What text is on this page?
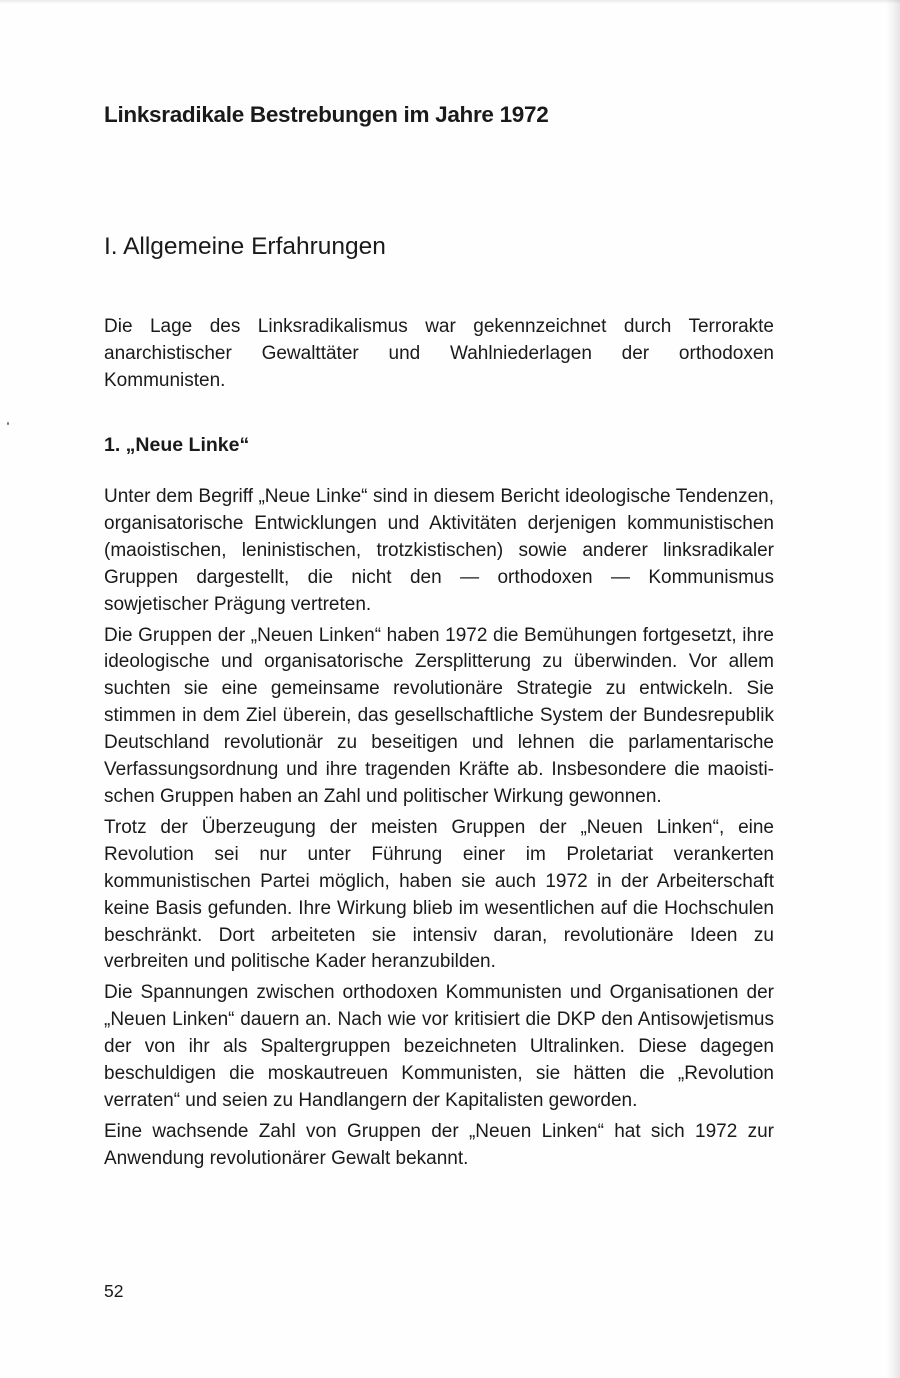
Linksradikale Bestrebungen im Jahre 1972
I. Allgemeine Erfahrungen

Die Lage des Linksradikalismus war gekennzeichnet durch Terrorakte anarchistischer Gewalttäter und Wahlniederlagen der orthodoxen Kommunisten.

1. „Neue Linke“

Unter dem Begriff „Neue Linke“ sind in diesem Bericht ideologische Tendenzen, organisatorische Entwicklungen und Aktivitäten derjenigen kommunistischen (maoistischen, leninistischen, trotzkistischen) sowie anderer linksradikaler Gruppen dargestellt, die nicht den — orthodoxen — Kommunismus sowjetischer Prägung vertreten.

Die Gruppen der „Neuen Linken“ haben 1972 die Bemühungen fortgesetzt, ihre ideologische und organisatorische Zersplitterung zu überwinden. Vor allem suchten sie eine gemeinsame revolutionäre Strategie zu entwickeln. Sie stimmen in dem Ziel überein, das gesellschaftliche System der Bundesrepublik Deutschland revolutionär zu beseitigen und lehnen die parlamentarische Verfassungsordnung und ihre tragenden Kräfte ab. Insbesondere die maoistischen Gruppen haben an Zahl und politischer Wirkung gewonnen.

Trotz der Überzeugung der meisten Gruppen der „Neuen Linken“, eine Revolution sei nur unter Führung einer im Proletariat verankerten kommunistischen Partei möglich, haben sie auch 1972 in der Arbeiterschaft keine Basis gefunden. Ihre Wirkung blieb im wesentlichen auf die Hochschulen beschränkt. Dort arbeiteten sie intensiv daran, revolutionäre Ideen zu verbreiten und politische Kader heranzubilden.

Die Spannungen zwischen orthodoxen Kommunisten und Organisationen der „Neuen Linken“ dauern an. Nach wie vor kritisiert die DKP den Antisowjetismus der von ihr als Spaltergruppen bezeichneten Ultralinken. Diese dagegen beschuldigen die moskautreuen Kommunisten, sie hätten die „Revolution verraten“ und seien zu Handlangern der Kapitalisten geworden.

Eine wachsende Zahl von Gruppen der „Neuen Linken“ hat sich 1972 zur Anwendung revolutionärer Gewalt bekannt.

52
